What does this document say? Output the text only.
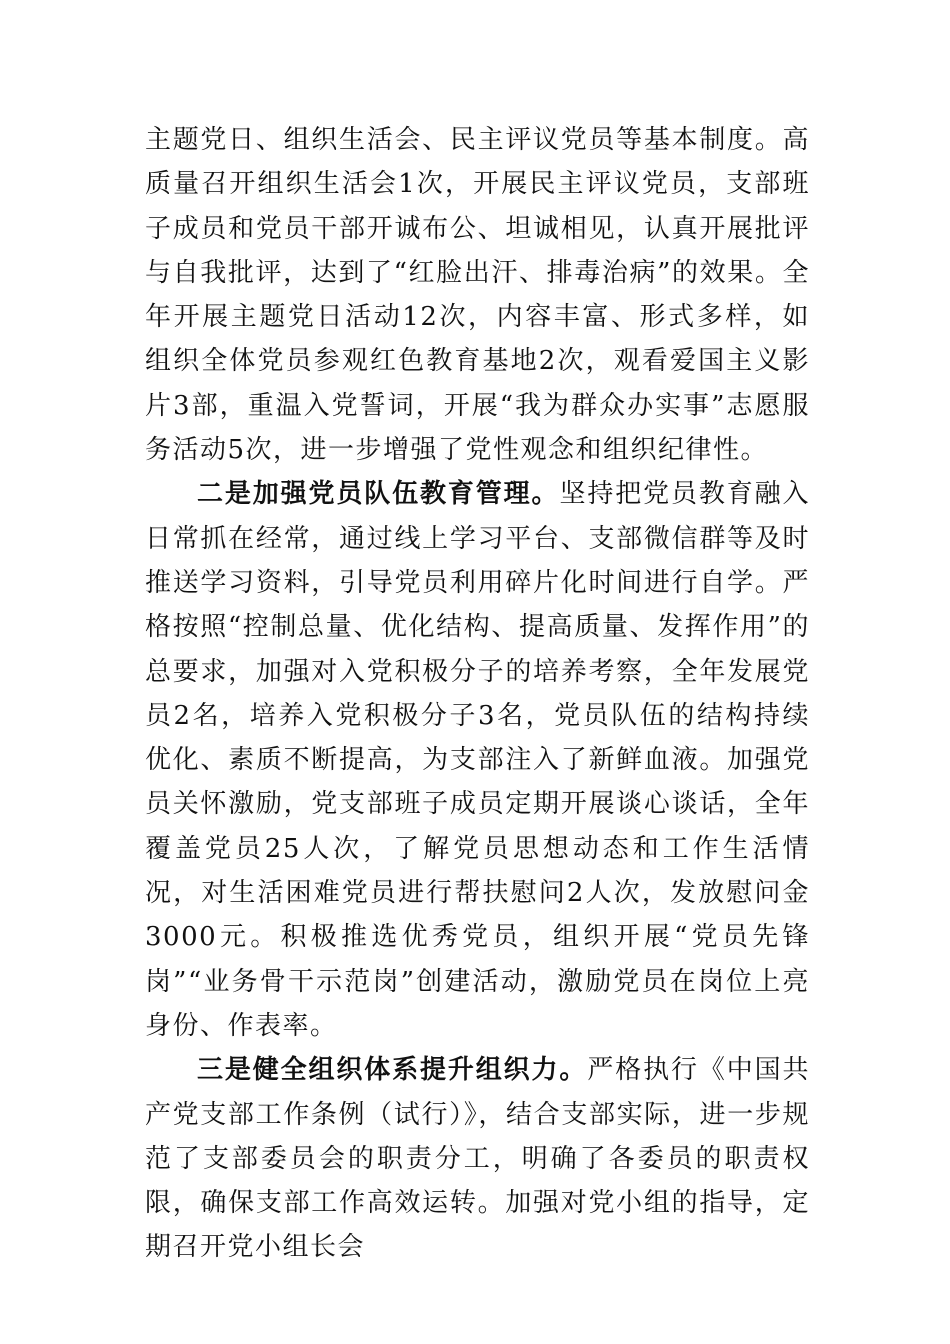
主题党日、组织生活会、民主评议党员等基本制度。高质量召开组织生活会1次，开展民主评议党员，支部班子成员和党员干部开诚布公、坦诚相见，认真开展批评与自我批评，达到了“红脸出汗、排毒治病”的效果。全年开展主题党日活动12次，内容丰富、形式多样，如组织全体党员参观红色教育基地2次，观看爱国主义影片3部，重温入党誓词，开展“我为群众办实事”志愿服务活动5次，进一步增强了党性观念和组织纪律性。

二是加强党员队伍教育管理。坚持把党员教育融入日常抓在经常，通过线上学习平台、支部微信群等及时推送学习资料，引导党员利用碎片化时间进行自学。严格按照“控制总量、优化结构、提高质量、发挥作用”的总要求，加强对入党积极分子的培养考察，全年发展党员2名，培养入党积极分子3名，党员队伍的结构持续优化、素质不断提高，为支部注入了新鲜血液。加强党员关怀激励，党支部班子成员定期开展谈心谈话，全年覆盖党员25人次，了解党员思想动态和工作生活情况，对生活困难党员进行帮扶慰问2人次，发放慰问金3000元。积极推选优秀党员，组织开展“党员先锋岗”“业务骨干示范岗”创建活动，激励党员在岗位上亮身份、作表率。

三是健全组织体系提升组织力。严格执行《中国共产党支部工作条例（试行）》，结合支部实际，进一步规范了支部委员会的职责分工，明确了各委员的职责权限，确保支部工作高效运转。加强对党小组的指导，定期召开党小组长会
